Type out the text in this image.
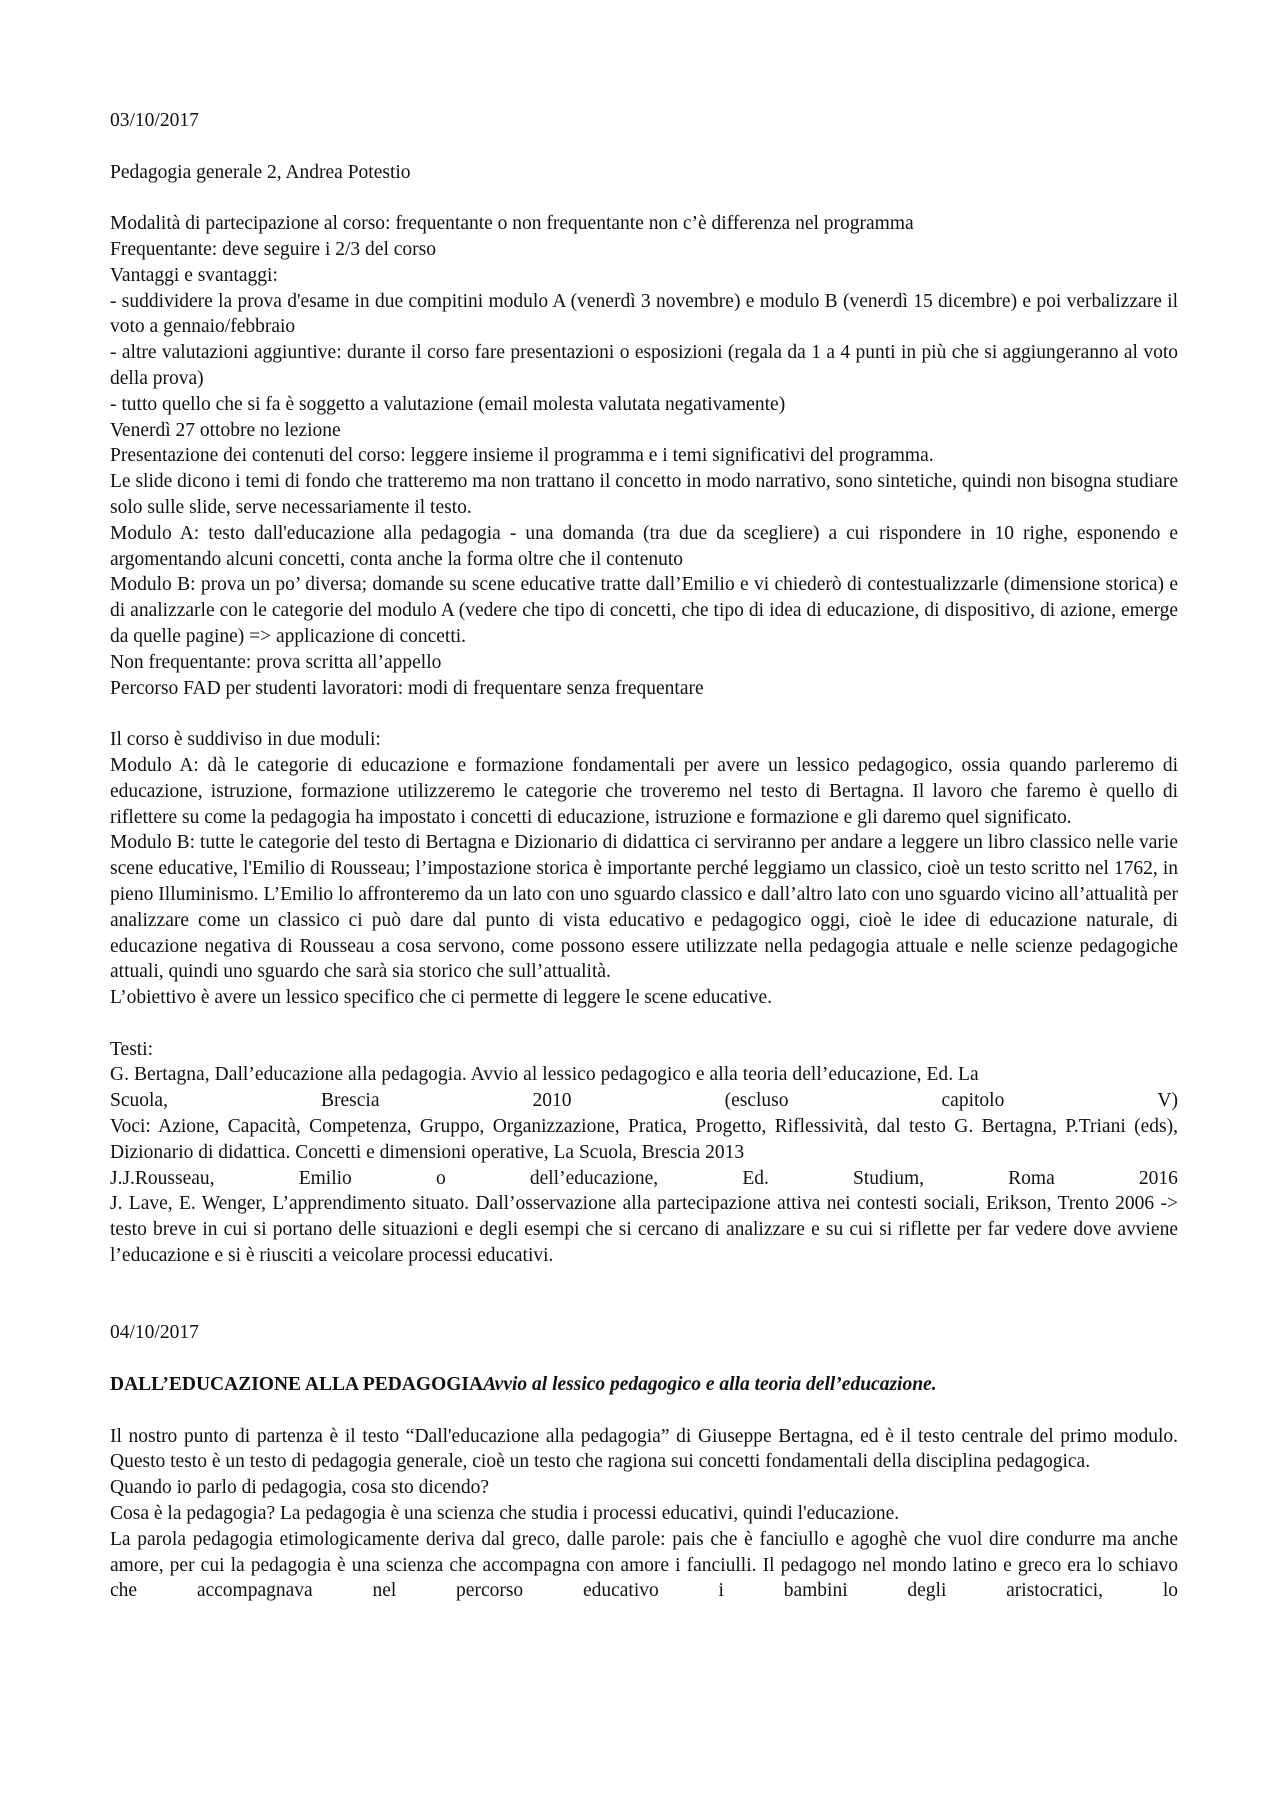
03/10/2017

Pedagogia generale 2, Andrea Potestio

Modalità di partecipazione al corso: frequentante o non frequentante non c’è differenza nel programma

Frequentante: deve seguire i 2/3 del corso

Vantaggi e svantaggi:

- suddividere la prova d'esame in due compitini modulo A (venerdì 3 novembre) e modulo B (venerdì 15 dicembre) e poi verbalizzare il voto a gennaio/febbraio

- altre valutazioni aggiuntive: durante il corso fare presentazioni o esposizioni (regala da 1 a 4 punti in più che si aggiungeranno al voto della prova)

- tutto quello che si fa è soggetto a valutazione (email molesta valutata negativamente)

Venerdì 27 ottobre no lezione

Presentazione dei contenuti del corso: leggere insieme il programma e i temi significativi del programma.

Le slide dicono i temi di fondo che tratteremo ma non trattano il concetto in modo narrativo, sono sintetiche, quindi non bisogna studiare solo sulle slide, serve necessariamente il testo.

Modulo A: testo dall'educazione alla pedagogia - una domanda (tra due da scegliere) a cui rispondere in 10 righe, esponendo e argomentando alcuni concetti, conta anche la forma oltre che il contenuto

Modulo B: prova un po’ diversa; domande su scene educative tratte dall’Emilio e vi chiederò di contestualizzarle (dimensione storica) e di analizzarle con le categorie del modulo A (vedere che tipo di concetti, che tipo di idea di educazione, di dispositivo, di azione, emerge da quelle pagine) => applicazione di concetti.

Non frequentante: prova scritta all’appello

Percorso FAD per studenti lavoratori: modi di frequentare senza frequentare

Il corso è suddiviso in due moduli:

Modulo A: dà le categorie di educazione e formazione fondamentali per avere un lessico pedagogico, ossia quando parleremo di educazione, istruzione, formazione utilizzeremo le categorie che troveremo nel testo di Bertagna. Il lavoro che faremo è quello di riflettere su come la pedagogia ha impostato i concetti di educazione, istruzione e formazione e gli daremo quel significato.

Modulo B: tutte le categorie del testo di Bertagna e Dizionario di didattica ci serviranno per andare a leggere un libro classico nelle varie scene educative, l'Emilio di Rousseau; l’impostazione storica è importante perché leggiamo un classico, cioè un testo scritto nel 1762, in pieno Illuminismo. L’Emilio lo affronteremo da un lato con uno sguardo classico e dall’altro lato con uno sguardo vicino all’attualità per analizzare come un classico ci può dare dal punto di vista educativo e pedagogico oggi, cioè le idee di educazione naturale, di educazione negativa di Rousseau a cosa servono, come possono essere utilizzate nella pedagogia attuale e nelle scienze pedagogiche attuali, quindi uno sguardo che sarà sia storico che sull’attualità.

L’obiettivo è avere un lessico specifico che ci permette di leggere le scene educative.

Testi:

G. Bertagna, Dall’educazione alla pedagogia. Avvio al lessico pedagogico e alla teoria dell’educazione, Ed. La

Scuola,	Brescia	2010	(escluso	capitolo	V)

Voci: Azione, Capacità, Competenza, Gruppo, Organizzazione, Pratica, Progetto, Riflessività, dal testo G. Bertagna, P.Triani (eds), Dizionario di didattica. Concetti e dimensioni operative, La Scuola, Brescia 2013

J.J.Rousseau,	Emilio	o	dell’educazione,	Ed.	Studium,	Roma	2016

J. Lave, E. Wenger, L’apprendimento situato. Dall’osservazione alla partecipazione attiva nei contesti sociali, Erikson, Trento 2006 -> testo breve in cui si portano delle situazioni e degli esempi che si cercano di analizzare e su cui si riflette per far vedere dove avviene l’educazione e si è riusciti a veicolare processi educativi.

04/10/2017

DALL’EDUCAZIONE ALLA PEDAGOGIAAvvio al lessico pedagogico e alla teoria dell’educazione.

Il nostro punto di partenza è il testo “Dall'educazione alla pedagogia” di Giuseppe Bertagna, ed è il testo centrale del primo modulo. Questo testo è un testo di pedagogia generale, cioè un testo che ragiona sui concetti fondamentali della disciplina pedagogica.

Quando io parlo di pedagogia, cosa sto dicendo?

Cosa è la pedagogia? La pedagogia è una scienza che studia i processi educativi, quindi l'educazione.

La parola pedagogia etimologicamente deriva dal greco, dalle parole: pais che è fanciullo e agoghè che vuol dire condurre ma anche amore, per cui la pedagogia è una scienza che accompagna con amore i fanciulli. Il pedagogo nel mondo latino e greco era lo schiavo che accompagnava nel percorso educativo i bambini degli aristocratici, lo
